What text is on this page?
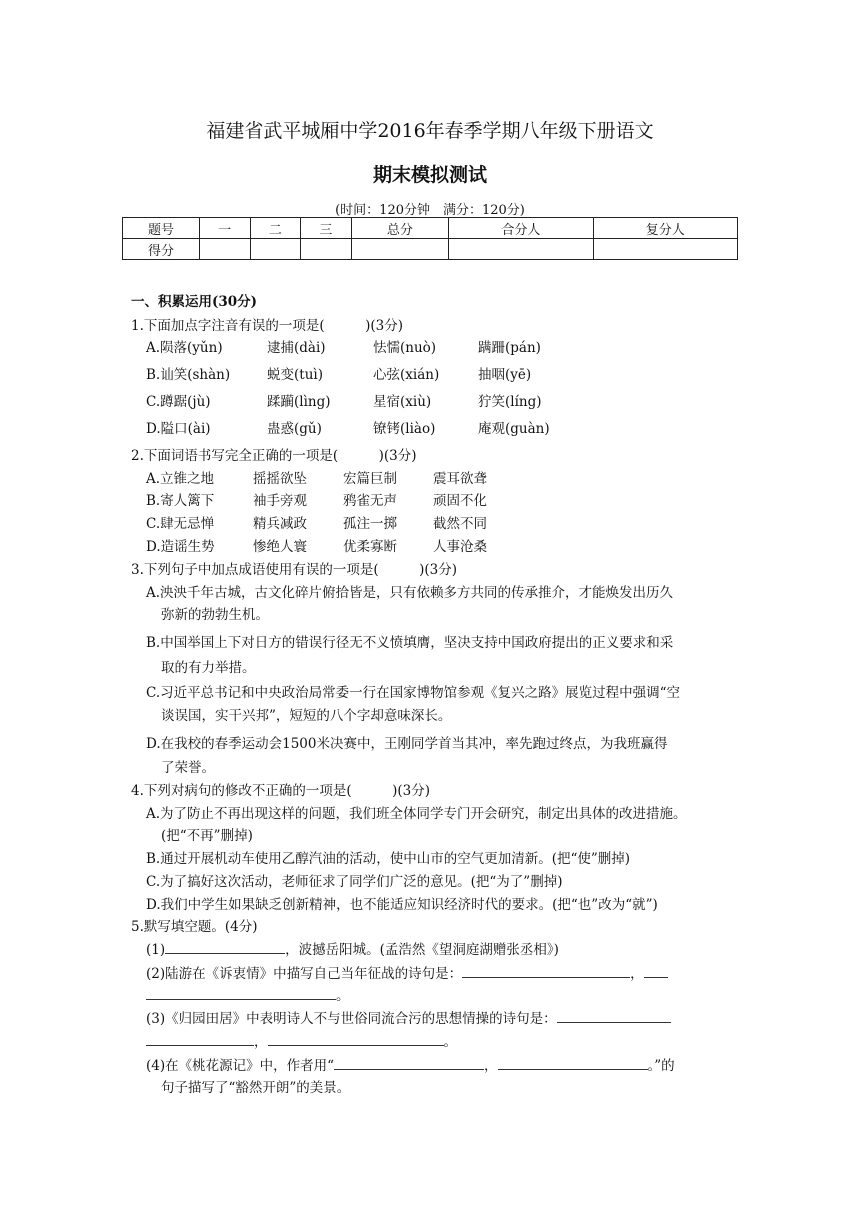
福建省武平城厢中学2016年春季学期八年级下册语文
期末模拟测试
(时间：120分钟　满分：120分)
题号	一	二	三	总分	合分人	复分人
得分						
一、积累运用(30分)
1.下面加点字注音有误的一项是(　　　)(3分)
A.陨落(yǔn)	逮捕(dài)	怯懦(nuò)	蹒跚(pán)
B.讪笑(shàn)	蜕变(tuì)	心弦(xián)	抽咽(yē)
C.蹲踞(jù)	蹂躏(lìng)	星宿(xiù)	狞笑(líng)
D.隘口(ài)	蛊惑(gǔ)	镣铐(liào)	庵观(guàn)
2.下面词语书写完全正确的一项是(　　　)(3分)
A.立锥之地	摇摇欲坠	宏篇巨制	震耳欲聋
B.寄人篱下	袖手旁观	鸦雀无声	顽固不化
C.肆无忌惮	精兵减政	孤注一掷	截然不同
D.造谣生势	惨绝人寰	优柔寡断	人事沧桑
3.下列句子中加点成语使用有误的一项是(　　　)(3分)
A.泱泱千年古城，古文化碎片俯拾皆是，只有依赖多方共同的传承推介，才能焕发出历久
弥新的勃勃生机。
B.中国举国上下对日方的错误行径无不义愤填膺，坚决支持中国政府提出的正义要求和采
取的有力举措。
C.习近平总书记和中央政治局常委一行在国家博物馆参观《复兴之路》展览过程中强调“空
谈误国，实干兴邦”，短短的八个字却意味深长。
D.在我校的春季运动会1500米决赛中，王刚同学首当其冲，率先跑过终点，为我班赢得
了荣誉。
4.下列对病句的修改不正确的一项是(　　　)(3分)
A.为了防止不再出现这样的问题，我们班全体同学专门开会研究，制定出具体的改进措施。
(把“不再”删掉)
B.通过开展机动车使用乙醇汽油的活动，使中山市的空气更加清新。(把“使”删掉)
C.为了搞好这次活动，老师征求了同学们广泛的意见。(把“为了”删掉)
D.我们中学生如果缺乏创新精神，也不能适应知识经济时代的要求。(把“也”改为“就”)
5.默写填空题。(4分)
(1)	，波撼岳阳城。(孟浩然《望洞庭湖赠张丞相》)
(2)陆游在《诉衷情》中描写自己当年征战的诗句是：	，
。
(3)《归园田居》中表明诗人不与世俗同流合污的思想情操的诗句是：
，	。
(4)在《桃花源记》中，作者用“	，	。”的
句子描写了“豁然开朗”的美景。
